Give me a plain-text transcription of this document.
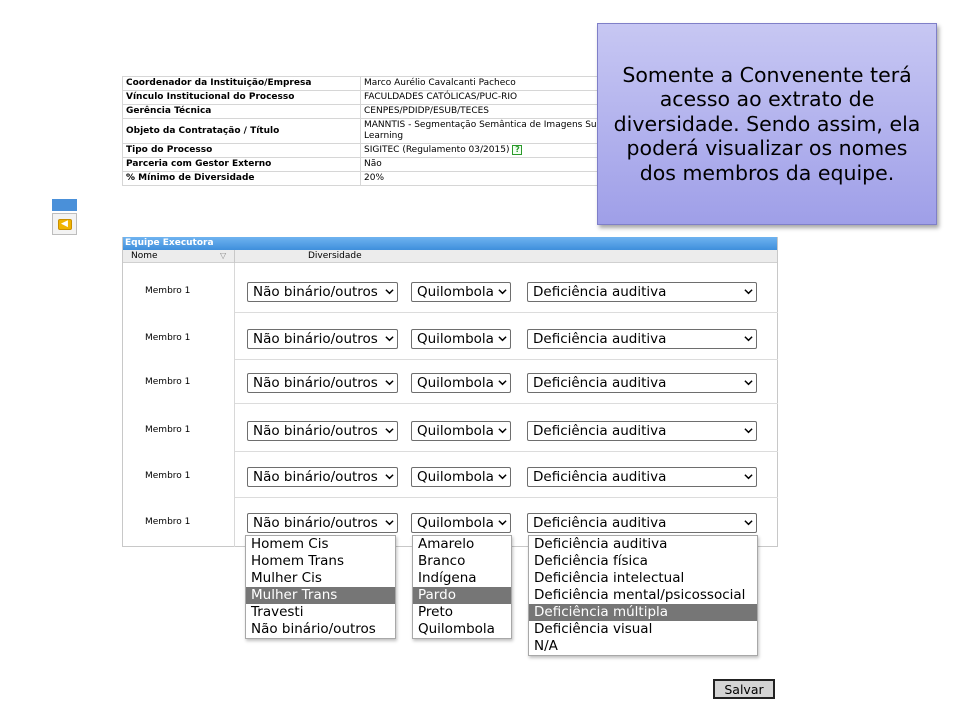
Coordenador da Instituição/Empresa	Marco Aurélio Cavalcanti Pacheco
Vínculo Institucional do Processo	FACULDADES CATÓLICAS/PUC-RIO
Gerência Técnica	CENPES/PDIDP/ESUB/TECES
Objeto da Contratação / Título	MANNTIS - Segmentação Semântica de Imagens Su
Learning
Tipo do Processo	SIGITEC (Regulamento 03/2015) ?
Parceria com Gestor Externo	Não
% Mínimo de Diversidade	20%
◀
Somente a Convenente terá acesso ao extrato de diversidade. Sendo assim, ela poderá visualizar os nomes dos membros da equipe.
Equipe Executora
Nome	▽	Diversidade
Membro 1	Não binário/outros	Quilombola	Deficiência auditiva
Membro 1	Não binário/outros	Quilombola	Deficiência auditiva
Membro 1	Não binário/outros	Quilombola	Deficiência auditiva
Membro 1	Não binário/outros	Quilombola	Deficiência auditiva
Membro 1	Não binário/outros	Quilombola	Deficiência auditiva
Membro 1	Não binário/outros	Quilombola	Deficiência auditiva
Homem Cis
Homem Trans
Mulher Cis
Mulher Trans
Travesti
Não binário/outros
Amarelo
Branco
Indígena
Pardo
Preto
Quilombola
Deficiência auditiva
Deficiência física
Deficiência intelectual
Deficiência mental/psicossocial
Deficiência múltipla
Deficiência visual
N/A
Salvar
